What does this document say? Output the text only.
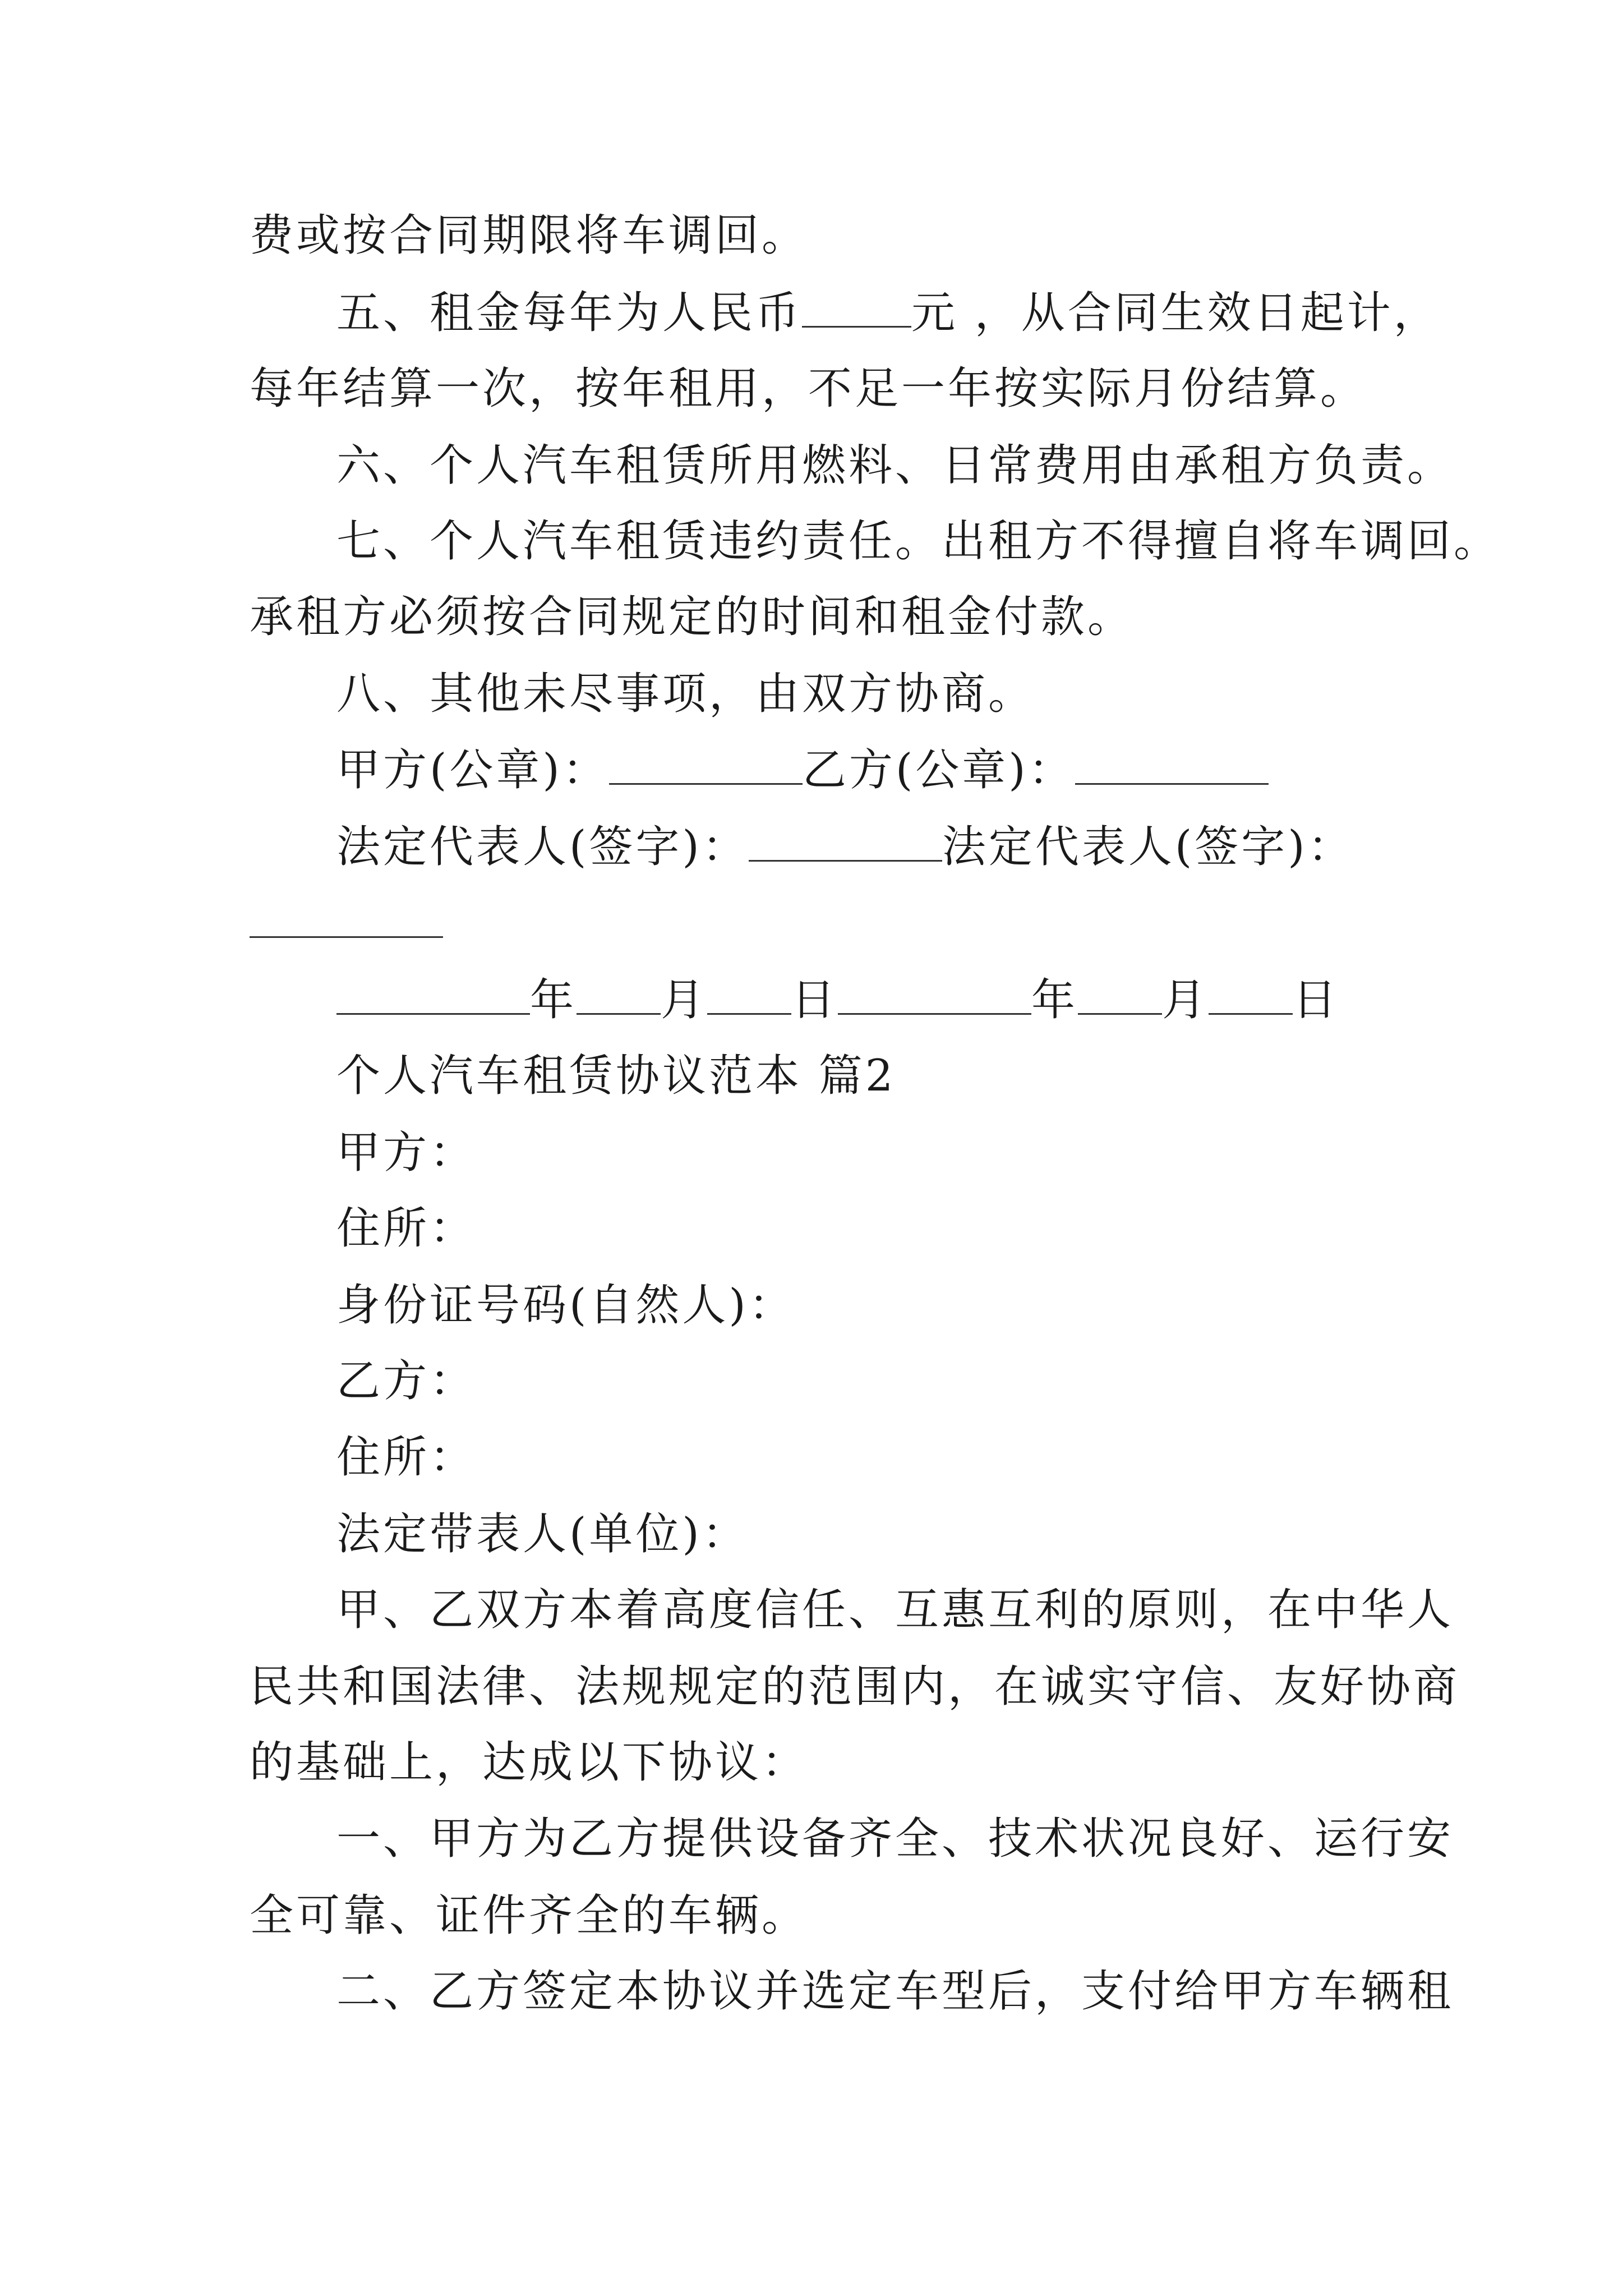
费或按合同期限将车调回。
五、租金每年为人民币	元 ，从合同生效日起计，
每年结算一次，按年租用，不足一年按实际月份结算。
六、个人汽车租赁所用燃料、日常费用由承租方负责。
七、个人汽车租赁违约责任。出租方不得擅自将车调回。
承租方必须按合同规定的时间和租金付款。
八、其他未尽事项，由双方协商。
甲方(公章)：	乙方(公章)：
法定代表人(签字)：	法定代表人(签字)：
年 月 日	年 月 日
个人汽车租赁协议范本 篇2
甲方：
住所：
身份证号码(自然人)：
乙方：
住所：
法定带表人(单位)：
甲、乙双方本着高度信任、互惠互利的原则，在中华人
民共和国法律、法规规定的范围内，在诚实守信、友好协商
的基础上，达成以下协议：
一、甲方为乙方提供设备齐全、技术状况良好、运行安
全可靠、证件齐全的车辆。
二、乙方签定本协议并选定车型后，支付给甲方车辆租
